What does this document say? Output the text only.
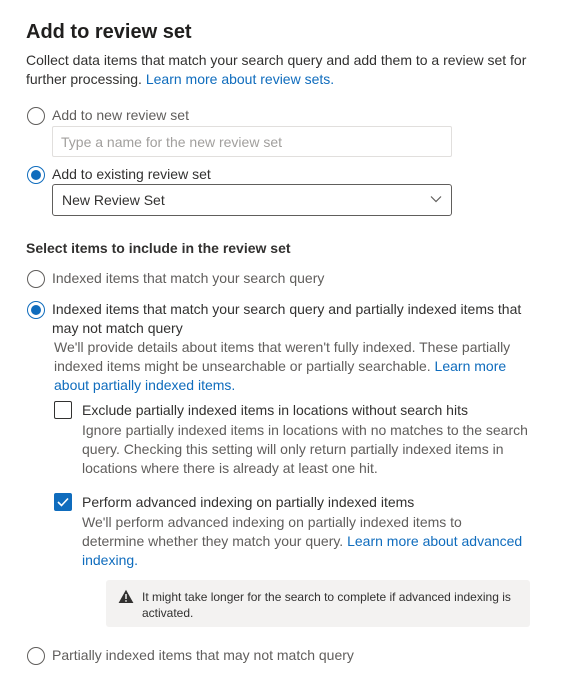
Add to review set
Collect data items that match your search query and add them to a review set for further processing. Learn more about review sets.
Add to new review set
Type a name for the new review set
Add to existing review set
New Review Set
Select items to include in the review set
Indexed items that match your search query
Indexed items that match your search query and partially indexed items that
may not match query
We'll provide details about items that weren't fully indexed. These partially
indexed items might be unsearchable or partially searchable. Learn more
about partially indexed items.
Exclude partially indexed items in locations without search hits
Ignore partially indexed items in locations with no matches to the search
query. Checking this setting will only return partially indexed items in
locations where there is already at least one hit.
Perform advanced indexing on partially indexed items
We'll perform advanced indexing on partially indexed items to
determine whether they match your query. Learn more about advanced
indexing.
It might take longer for the search to complete if advanced indexing is
activated.
Partially indexed items that may not match query
